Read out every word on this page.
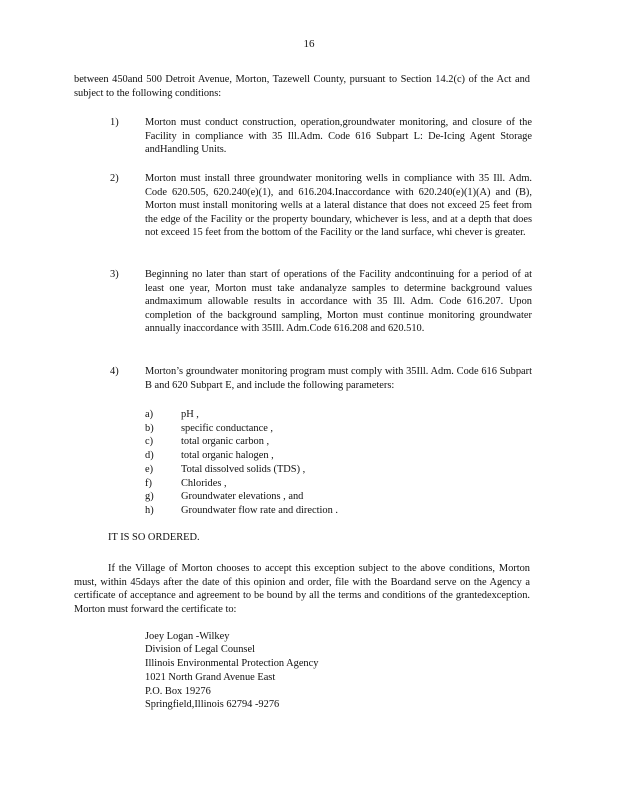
16
between 450and 500 Detroit Avenue, Morton, Tazewell County, pursuant to Section 14.2(c) of the Act and subject to the following conditions:
1)	Morton must conduct construction, operation,groundwater monitoring, and closure of the Facility in compliance with 35 Ill.Adm. Code 616 Subpart L: De-Icing Agent Storage andHandling Units.
2)	Morton must install three groundwater monitoring wells in compliance with 35 Ill. Adm. Code 620.505, 620.240(e)(1), and 616.204.Inaccordance with 620.240(e)(1)(A) and (B), Morton must install monitoring wells at a lateral distance that does not exceed 25 feet from the edge of the Facility or the property boundary, whichever is less, and at a depth that does not exceed 15 feet from the bottom of the Facility or the land surface, whi chever is greater.
3)	Beginning no later than start of operations of the Facility andcontinuing for a period of at least one year, Morton must take andanalyze samples to determine background values andmaximum allowable results in accordance with 35 Ill. Adm. Code 616.207. Upon completion of the background sampling, Morton must continue monitoring groundwater annually inaccordance with 35Ill. Adm.Code 616.208 and 620.510.
4)	Morton’s groundwater monitoring program must comply with 35Ill. Adm. Code 616 Subpart B and 620 Subpart E, and include the following parameters:
a)	pH ,
b)	specific conductance ,
c)	total organic carbon ,
d)	total organic halogen ,
e)	Total dissolved solids (TDS) ,
f)	Chlorides ,
g)	Groundwater elevations , and
h)	Groundwater flow rate and direction .
IT IS SO ORDERED.
If the Village of Morton chooses to accept this exception subject to the above conditions, Morton must, within 45days after the date of this opinion and order, file with the Boardand serve on the Agency a certificate of acceptance and agreement to be bound by all the terms and conditions of the grantedexception. Morton must forward the certificate to:
Joey Logan -Wilkey
Division of Legal Counsel
Illinois Environmental Protection Agency
1021 North Grand Avenue East
P.O. Box 19276
Springfield,Illinois 62794 -9276
